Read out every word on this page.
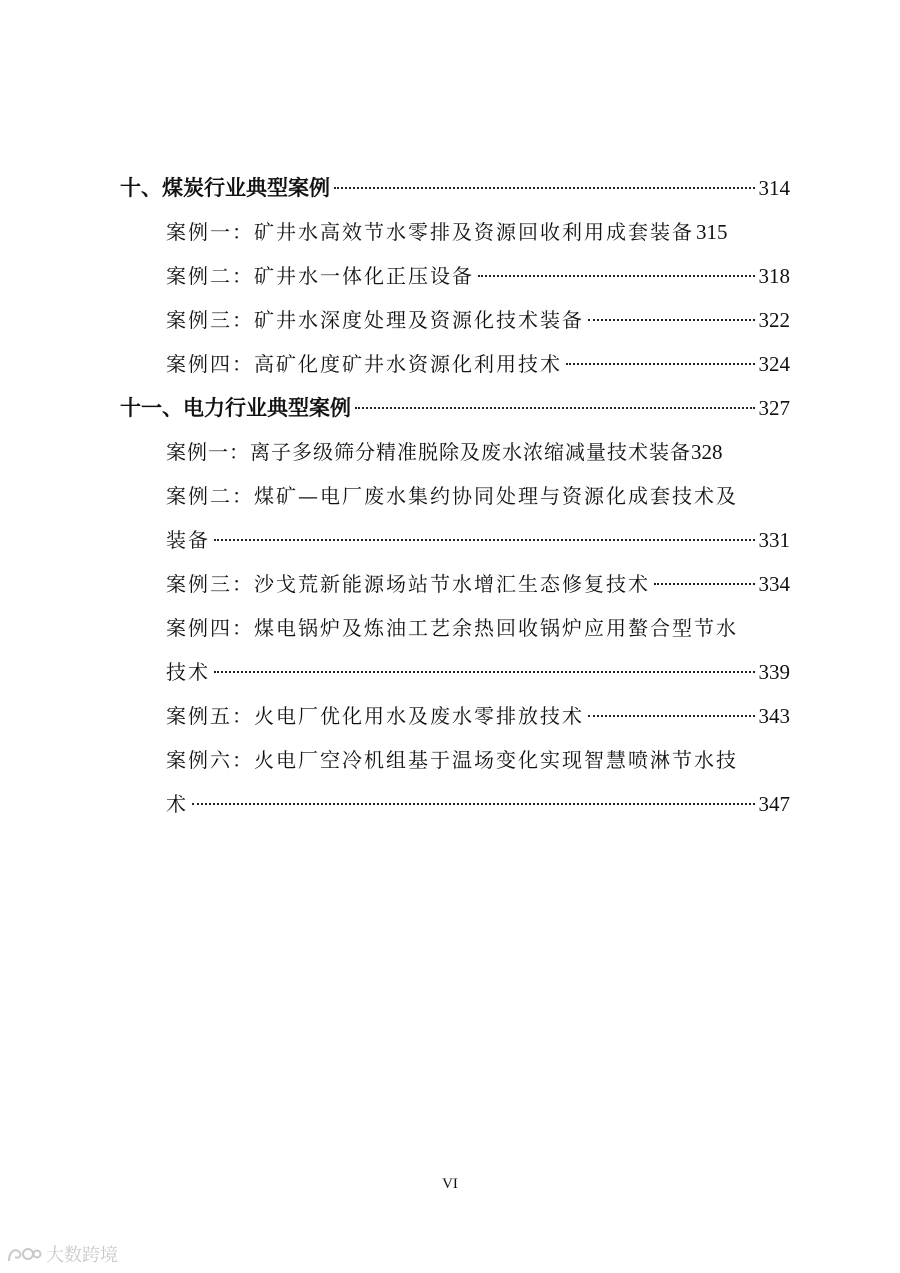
十、煤炭行业典型案例	314
案例一：矿井水高效节水零排及资源回收利用成套装备 315
案例二：矿井水一体化正压设备	318
案例三：矿井水深度处理及资源化技术装备	322
案例四：高矿化度矿井水资源化利用技术	324
十一、电力行业典型案例	327
案例一：离子多级筛分精准脱除及废水浓缩减量技术装备 328
案例二：煤矿—电厂废水集约协同处理与资源化成套技术及
装备	331
案例三：沙戈荒新能源场站节水增汇生态修复技术	334
案例四：煤电锅炉及炼油工艺余热回收锅炉应用螯合型节水
技术	339
案例五：火电厂优化用水及废水零排放技术	343
案例六：火电厂空冷机组基于温场变化实现智慧喷淋节水技
术	347
VI
大数跨境
